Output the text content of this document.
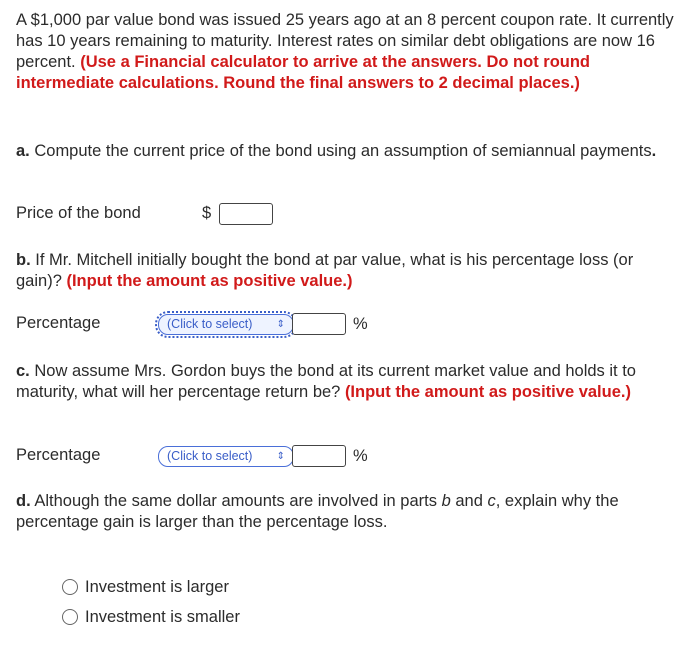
A $1,000 par value bond was issued 25 years ago at an 8 percent coupon rate. It currently has 10 years remaining to maturity. Interest rates on similar debt obligations are now 16 percent. (Use a Financial calculator to arrive at the answers. Do not round intermediate calculations. Round the final answers to 2 decimal places.)

a. Compute the current price of the bond using an assumption of semiannual payments.

Price of the bond	$

b. If Mr. Mitchell initially bought the bond at par value, what is his percentage loss (or gain)? (Input the amount as positive value.)

Percentage	(Click to select) ⇕	%

c. Now assume Mrs. Gordon buys the bond at its current market value and holds it to maturity, what will her percentage return be? (Input the amount as positive value.)

Percentage	(Click to select) ⇕	%

d. Although the same dollar amounts are involved in parts b and c, explain why the percentage gain is larger than the percentage loss.

Investment is larger
Investment is smaller
